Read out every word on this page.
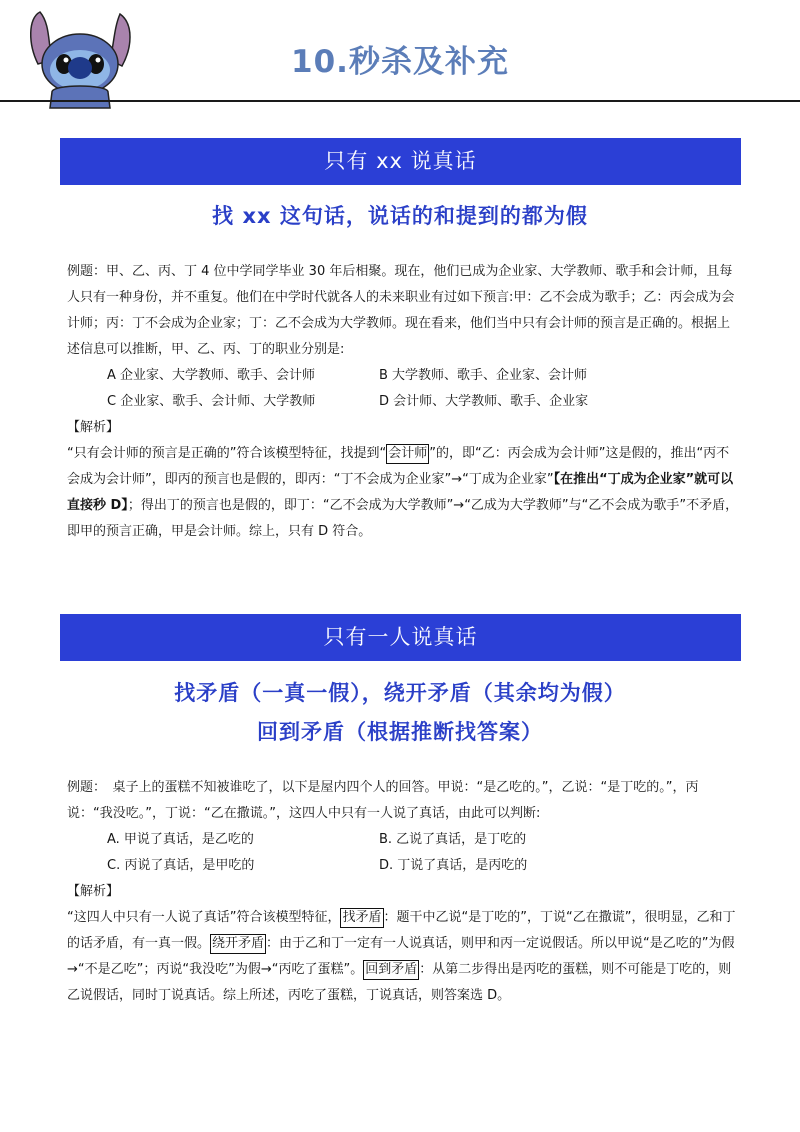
10.秒杀及补充
只有 xx 说真话
找 xx 这句话，说话的和提到的都为假

例题：甲、乙、丙、丁 4 位中学同学毕业 30 年后相聚。现在，他们已成为企业家、大学教师、歌手和会计师，且每人只有一种身份，并不重复。他们在中学时代就各人的未来职业有过如下预言:甲：乙不会成为歌手；乙：丙会成为会计师；丙：丁不会成为企业家；丁：乙不会成为大学教师。现在看来，他们当中只有会计师的预言是正确的。根据上述信息可以推断，甲、乙、丙、丁的职业分别是:

A 企业家、大学教师、歌手、会计师	B 大学教师、歌手、企业家、会计师
C 企业家、歌手、会计师、大学教师	D 会计师、大学教师、歌手、企业家

【解析】

“只有会计师的预言是正确的”符合该模型特征，找提到“ 会计师 ”的，即“乙：丙会成为会计师”这是假的，推出“丙不会成为会计师”，即丙的预言也是假的，即丙：“丁不会成为企业家”→“丁成为企业家”【在推出“丁成为企业家”就可以直接秒 D】；得出丁的预言也是假的，即丁：“乙不会成为大学教师”→“乙成为大学教师”与“乙不会成为歌手”不矛盾，即甲的预言正确，甲是会计师。综上，只有 D 符合。

只有一人说真话
找矛盾（一真一假），绕开矛盾（其余均为假）
回到矛盾（根据推断找答案）

例题：　桌子上的蛋糕不知被谁吃了，以下是屋内四个人的回答。甲说：“是乙吃的。”，乙说：“是丁吃的。”，丙说：“我没吃。”，丁说：“乙在撒谎。”，这四人中只有一人说了真话，由此可以判断:

A. 甲说了真话，是乙吃的	B. 乙说了真话，是丁吃的
C. 丙说了真话，是甲吃的	D. 丁说了真话，是丙吃的

【解析】

“这四人中只有一人说了真话”符合该模型特征， 找矛盾 ：题干中乙说“是丁吃的”，丁说“乙在撒谎”，很明显，乙和丁的话矛盾，有一真一假。 绕开矛盾 ：由于乙和丁一定有一人说真话，则甲和丙一定说假话。所以甲说“是乙吃的”为假 →“不是乙吃”；丙说“我没吃”为假→“丙吃了蛋糕”。 回到矛盾 ：从第二步得出是丙吃的蛋糕，则不可能是丁吃的，则乙说假话，同时丁说真话。综上所述，丙吃了蛋糕，丁说真话，则答案选 D。
